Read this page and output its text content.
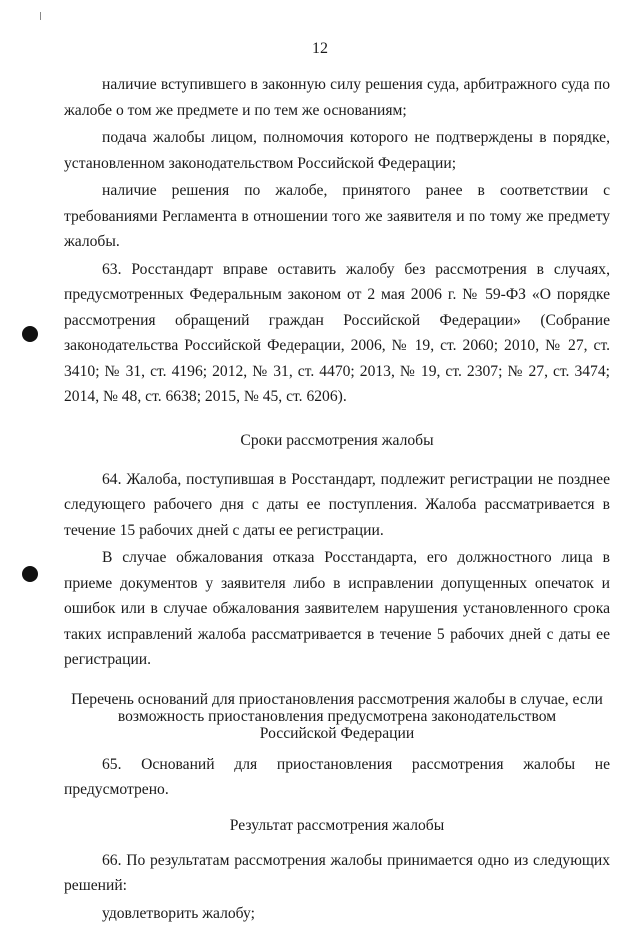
12

наличие вступившего в законную силу решения суда, арбитражного суда по жалобе о том же предмете и по тем же основаниям;

подача жалобы лицом, полномочия которого не подтверждены в порядке, установленном законодательством Российской Федерации;

наличие решения по жалобе, принятого ранее в соответствии с требованиями Регламента в отношении того же заявителя и по тому же предмету жалобы.

63. Росстандарт вправе оставить жалобу без рассмотрения в случаях, предусмотренных Федеральным законом от 2 мая 2006 г. № 59-ФЗ «О порядке рассмотрения обращений граждан Российской Федерации» (Собрание законодательства Российской Федерации, 2006, № 19, ст. 2060; 2010, № 27, ст. 3410; № 31, ст. 4196; 2012, № 31, ст. 4470; 2013, № 19, ст. 2307; № 27, ст. 3474; 2014, № 48, ст. 6638; 2015, № 45, ст. 6206).

Сроки рассмотрения жалобы

64. Жалоба, поступившая в Росстандарт, подлежит регистрации не позднее следующего рабочего дня с даты ее поступления. Жалоба рассматривается в течение 15 рабочих дней с даты ее регистрации.

В случае обжалования отказа Росстандарта, его должностного лица в приеме документов у заявителя либо в исправлении допущенных опечаток и ошибок или в случае обжалования заявителем нарушения установленного срока таких исправлений жалоба рассматривается в течение 5 рабочих дней с даты ее регистрации.

Перечень оснований для приостановления рассмотрения жалобы в случае, если
возможность приостановления предусмотрена законодательством
Российской Федерации

65. Оснований для приостановления рассмотрения жалобы не предусмотрено.

Результат рассмотрения жалобы

66. По результатам рассмотрения жалобы принимается одно из следующих решений:

удовлетворить жалобу;
